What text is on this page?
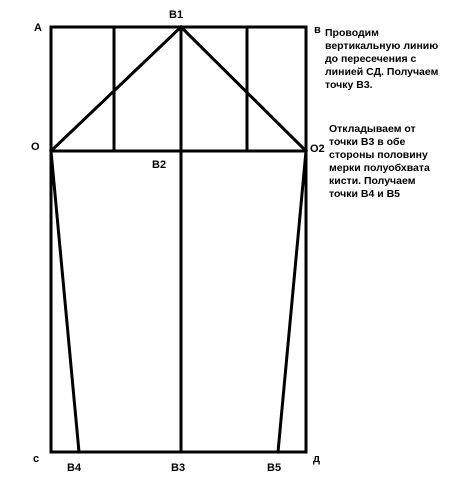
А
В1
в
О	О2
В2
с	д
В3
В4	В5

Проводим вертикальную линию до пересечения с линией СД. Получаем точку В3.

Откладываем от точки В3 в обе стороны половину мерки полуобхвата кисти. Получаем точки В4 и В5
